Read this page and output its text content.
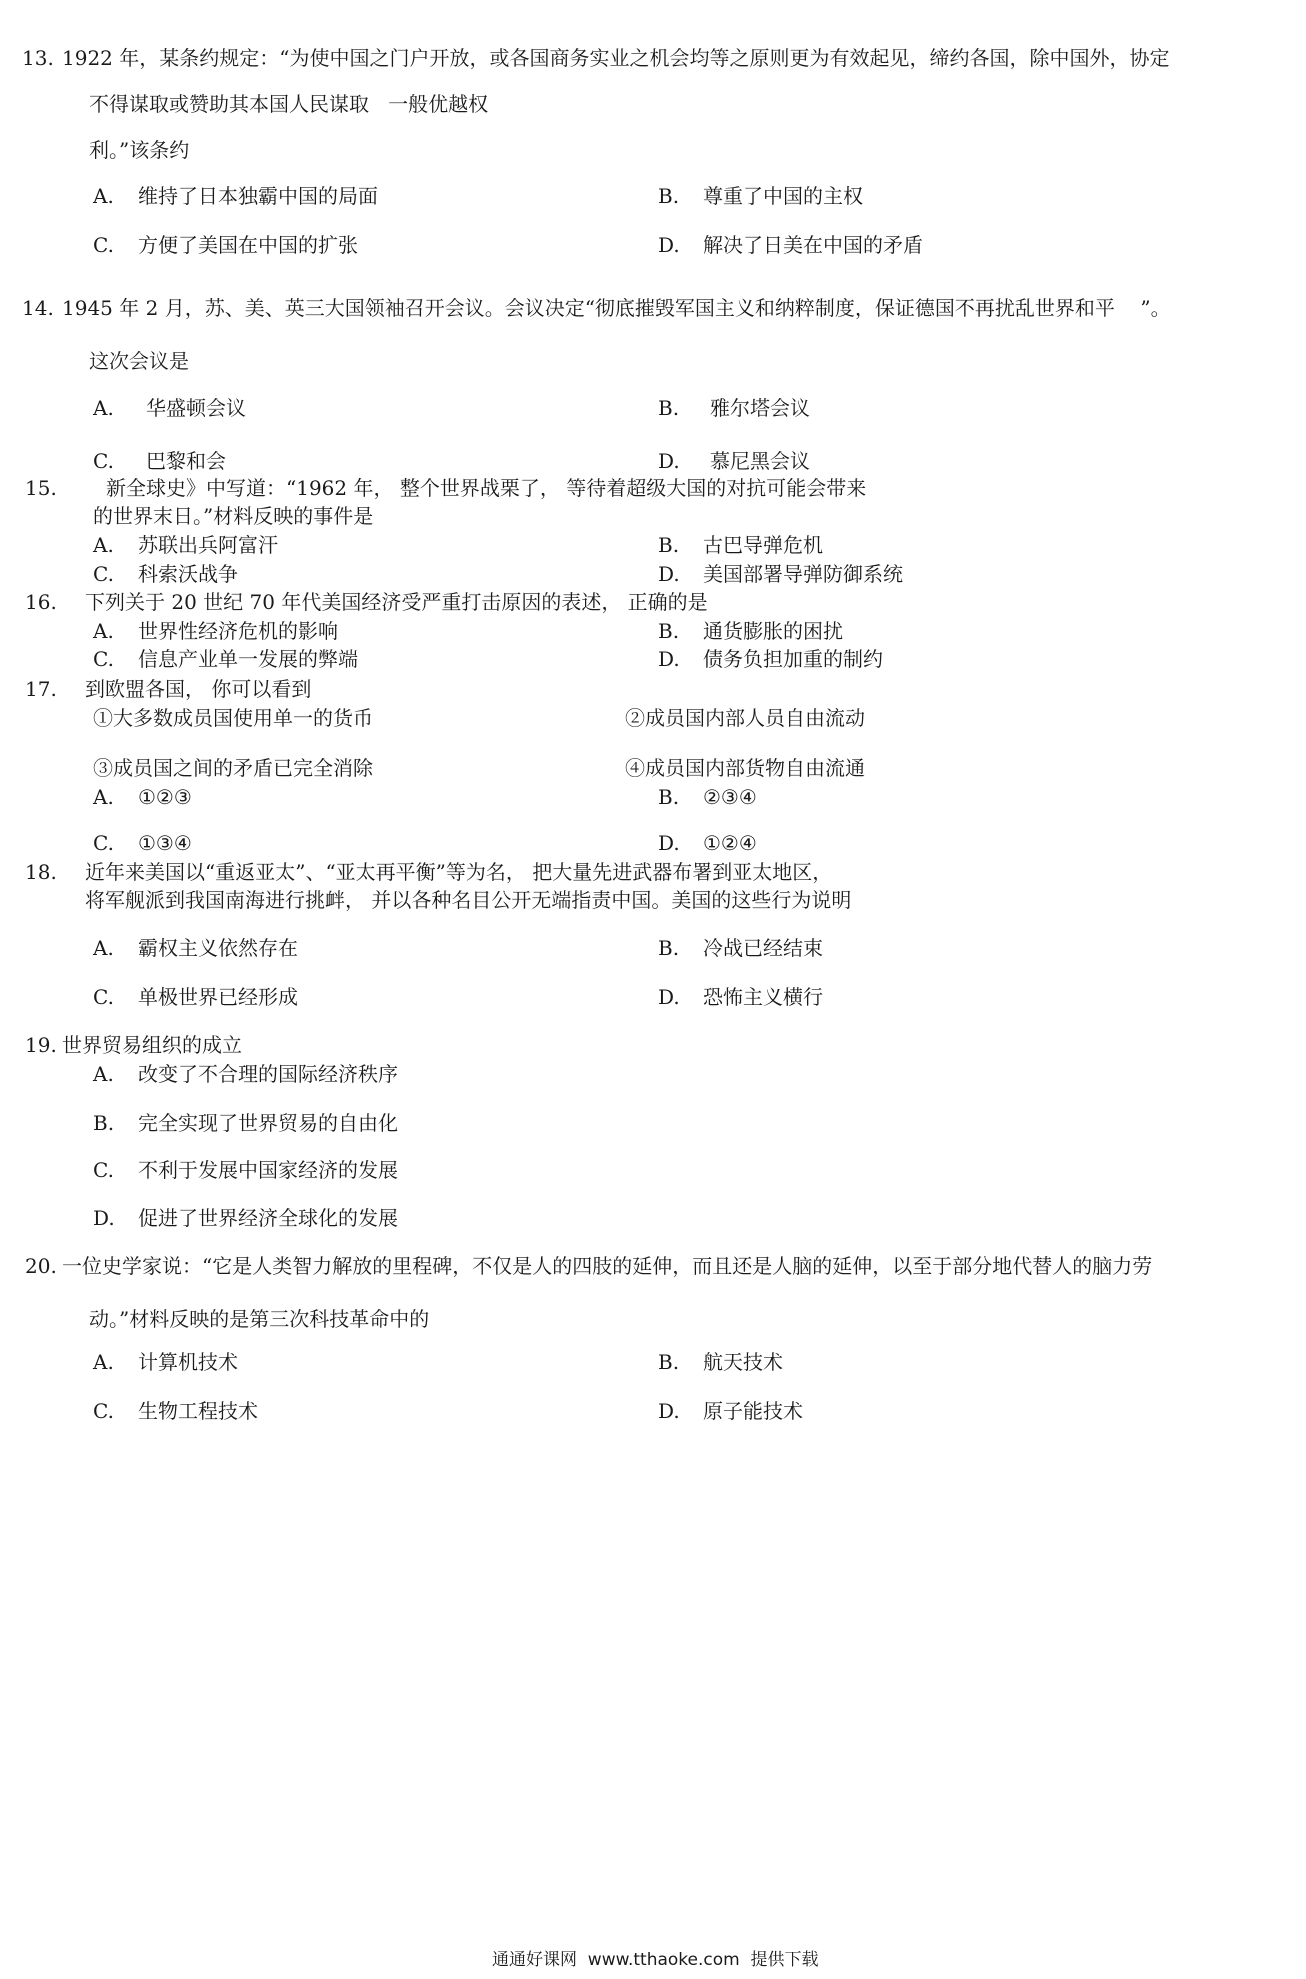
13. 1922 年，某条约规定：“为使中国之门户开放，或各国商务实业之机会均等之原则更为有效起见，缔约各国，除中国外，协定
不得谋取或赞助其本国人民谋取   一般优越权
利。”该条约
A. 维持了日本独霸中国的局面	B. 尊重了中国的主权
C. 方便了美国在中国的扩张	D. 解决了日美在中国的矛盾
14. 1945 年 2 月，苏、美、英三大国领袖召开会议。会议决定“彻底摧毁军国主义和纳粹制度，保证德国不再扰乱世界和平    ”。
这次会议是
A. 华盛顿会议	B. 雅尔塔会议
C. 巴黎和会	D. 慕尼黑会议
15. 新全球史》中写道：“1962 年， 整个世界战栗了， 等待着超级大国的对抗可能会带来
的世界末日。”材料反映的事件是
A. 苏联出兵阿富汗	B. 古巴导弹危机
C. 科索沃战争	D. 美国部署导弹防御系统
16. 下列关于 20 世纪 70 年代美国经济受严重打击原因的表述， 正确的是
A. 世界性经济危机的影响	B. 通货膨胀的困扰
C. 信息产业单一发展的弊端	D. 债务负担加重的制约
17. 到欧盟各国， 你可以看到
①大多数成员国使用单一的货币	②成员国内部人员自由流动
③成员国之间的矛盾已完全消除	④成员国内部货物自由流通
A. ①②③	B. ②③④
C. ①③④	D. ①②④
18. 近年来美国以“重返亚太”、“亚太再平衡”等为名， 把大量先进武器布署到亚太地区，
将军舰派到我国南海进行挑衅， 并以各种名目公开无端指责中国。美国的这些行为说明
A. 霸权主义依然存在	B. 冷战已经结束
C. 单极世界已经形成	D. 恐怖主义横行
19. 世界贸易组织的成立
A. 改变了不合理的国际经济秩序
B. 完全实现了世界贸易的自由化
C. 不利于发展中国家经济的发展
D. 促进了世界经济全球化的发展
20. 一位史学家说：“它是人类智力解放的里程碑，不仅是人的四肢的延伸，而且还是人脑的延伸，以至于部分地代替人的脑力劳
动。”材料反映的是第三次科技革命中的
A. 计算机技术	B. 航天技术
C. 生物工程技术	D. 原子能技术
通通好课网  www.tthaoke.com  提供下载
